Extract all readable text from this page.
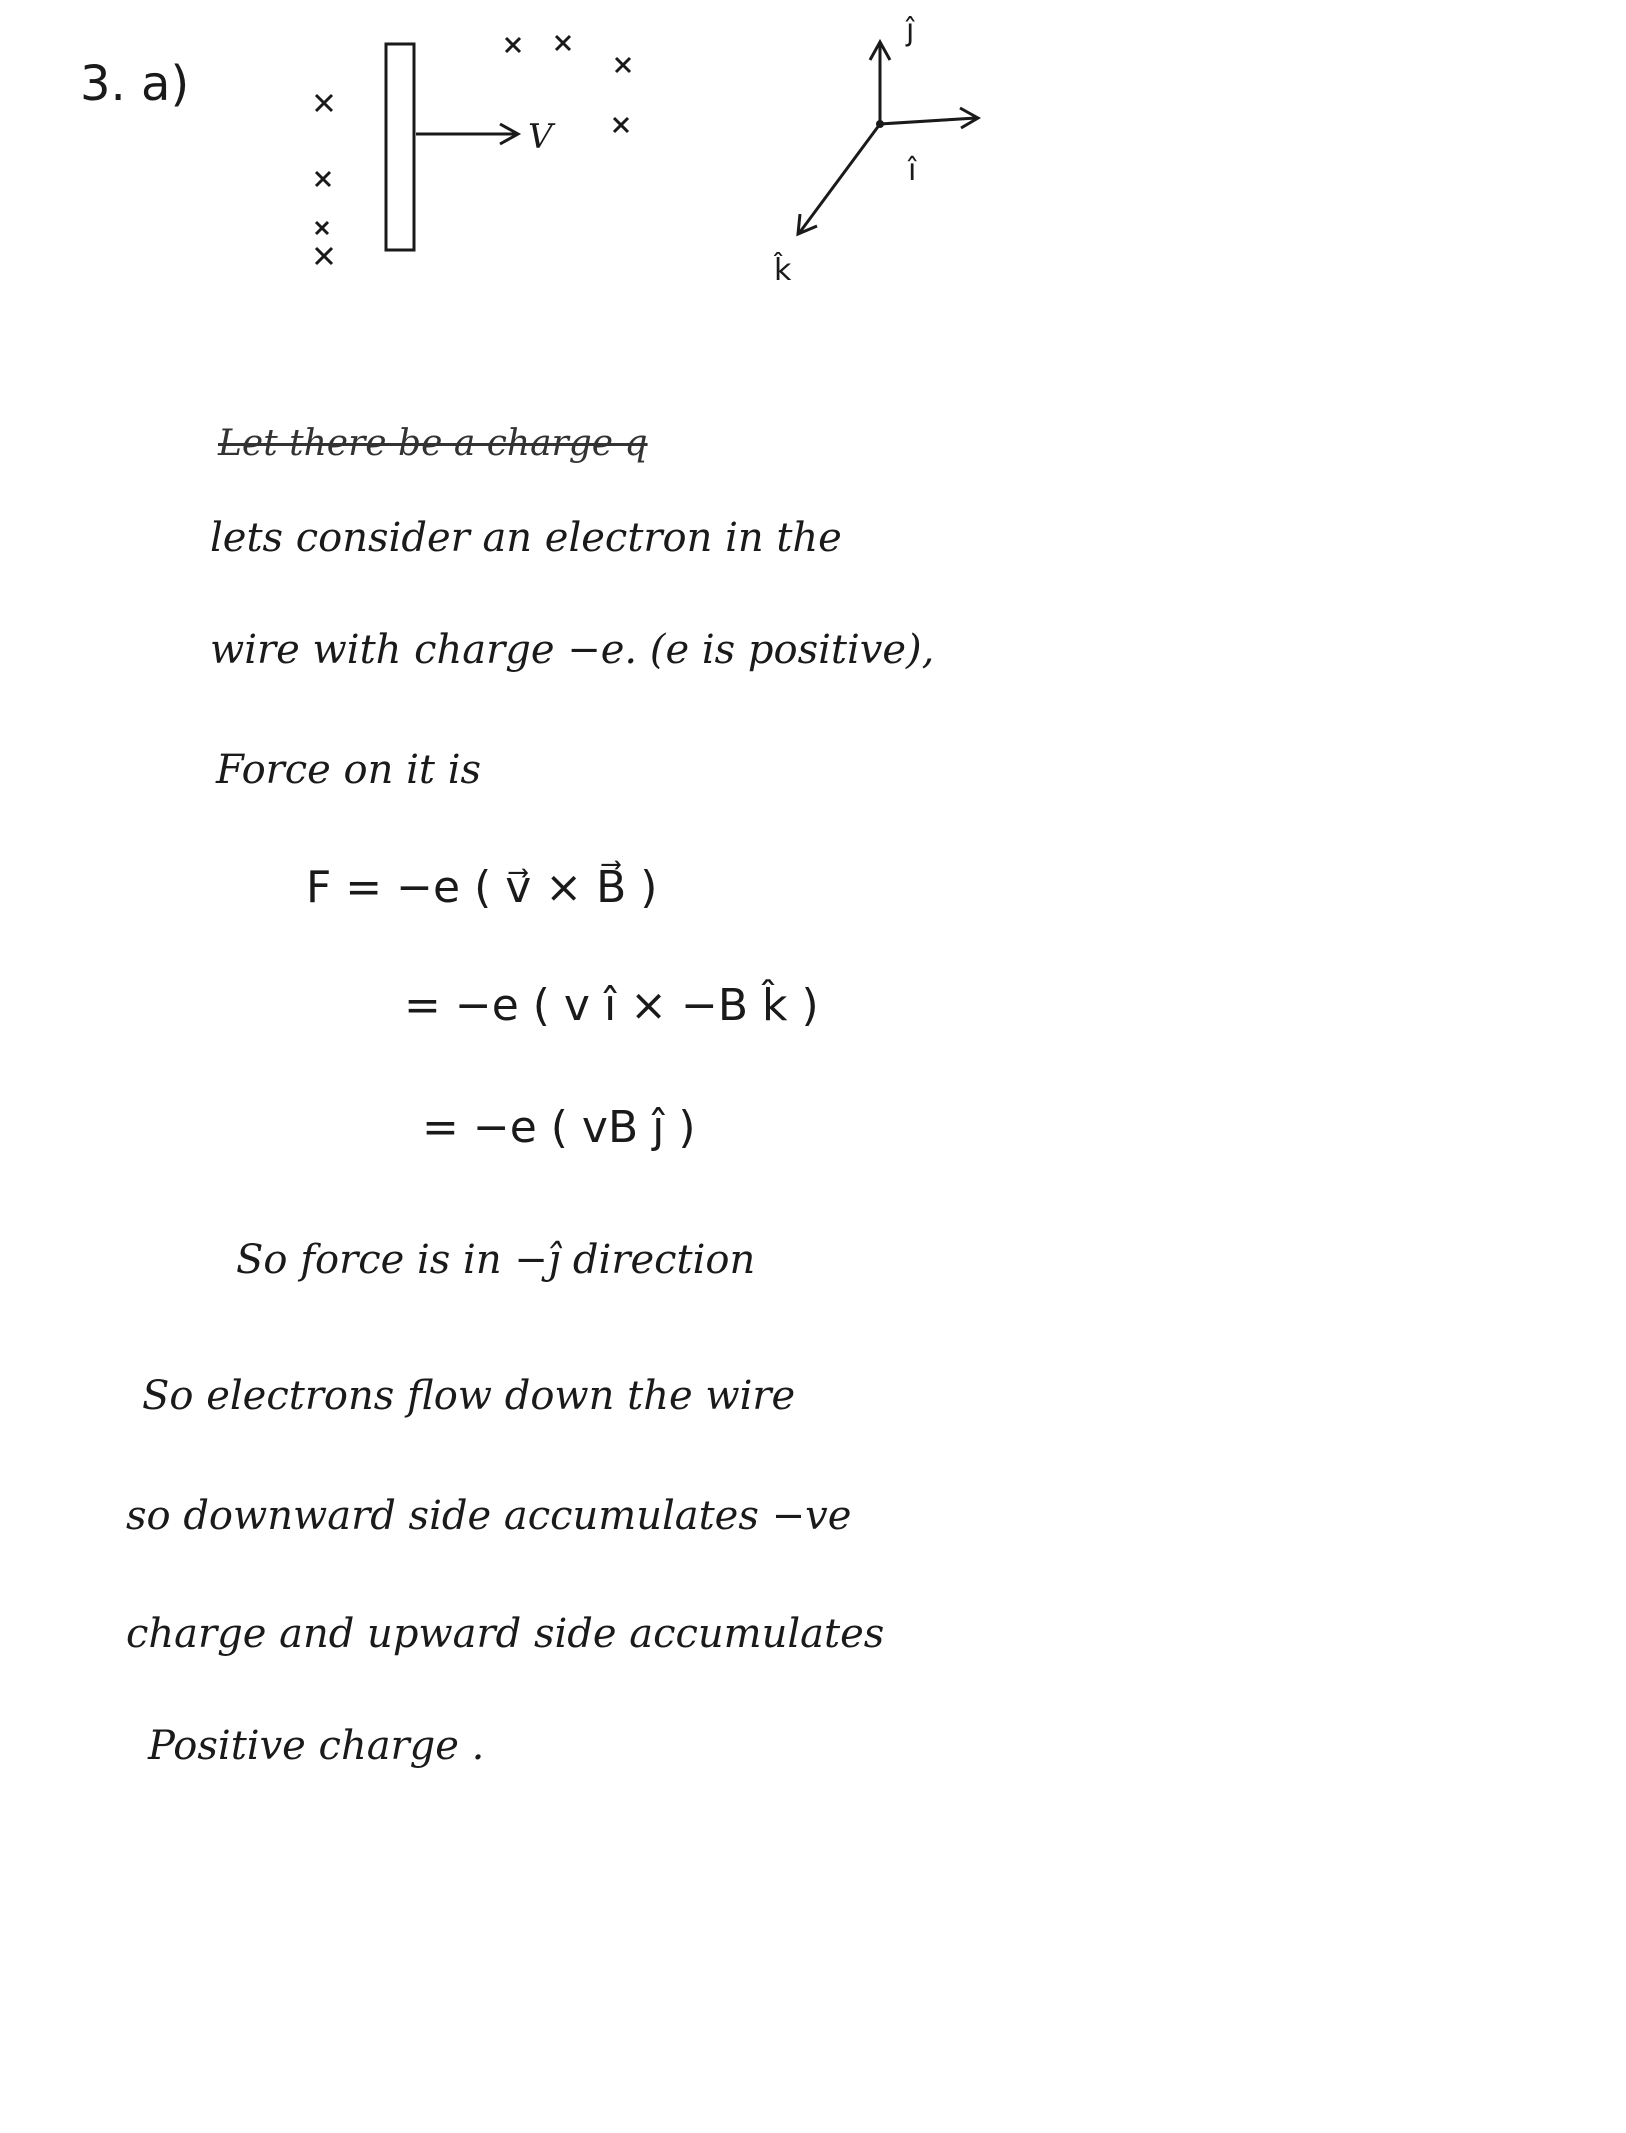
3. a)
V
ĵ
î
k̂
Let there be a charge q
lets consider an electron in the
wire with charge −e. (e is positive),
Force on it is
F = −e ( v⃗ × B⃗ )
= −e ( v î × −B k̂ )
= −e ( vB ĵ )
So force is in −ĵ direction
So electrons flow down the wire
so downward side accumulates −ve
charge and upward side accumulates
Positive charge .
